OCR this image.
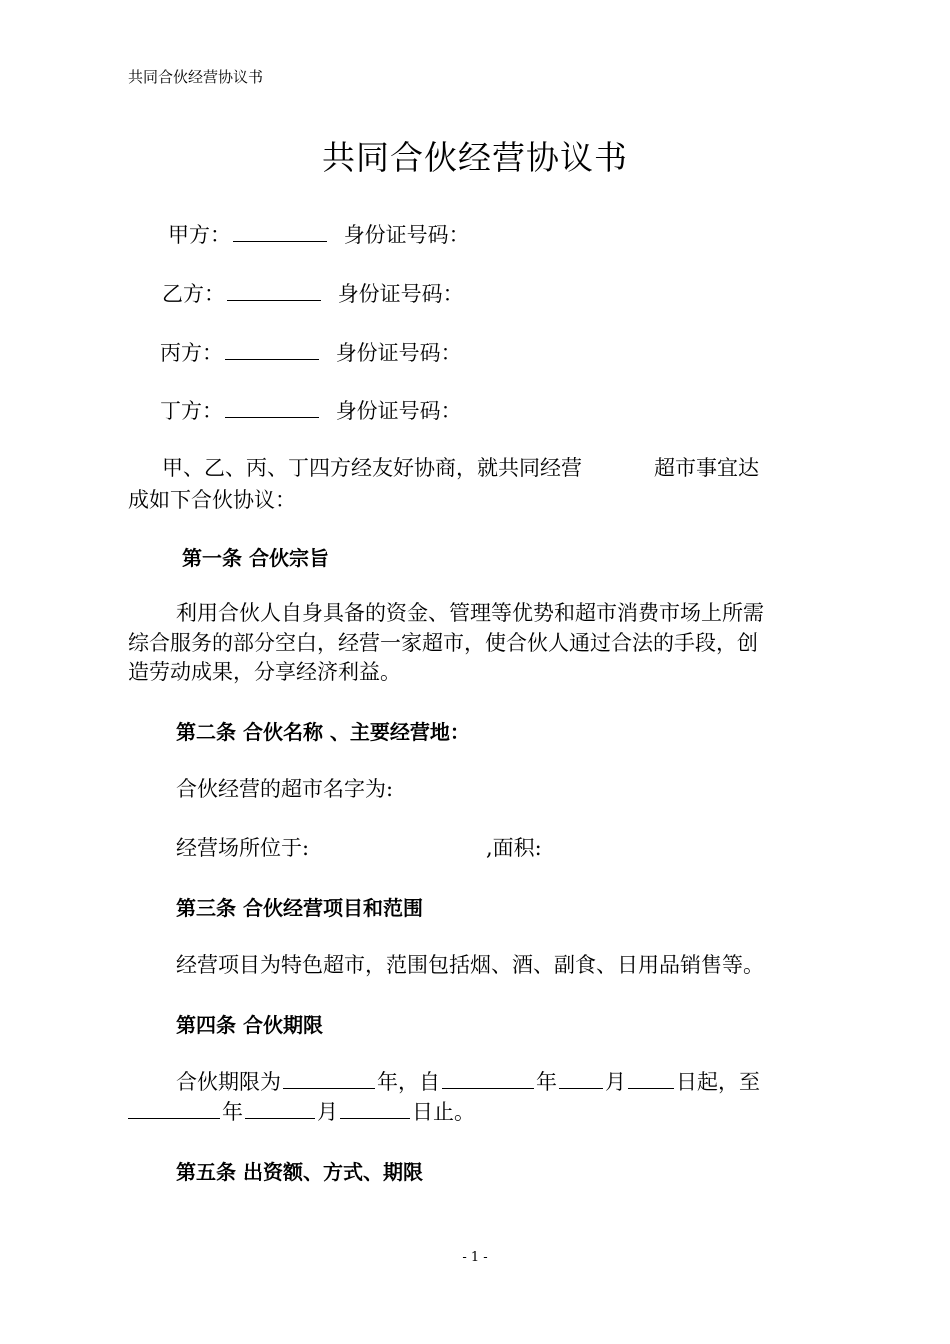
共同合伙经营协议书
共同合伙经营协议书
甲方：	身份证号码：
乙方：	身份证号码：
丙方：	身份证号码：
丁方：	身份证号码：
甲、乙、丙、丁四方经友好协商，就共同经营	超市事宜达
成如下合伙协议：
第一条 合伙宗旨
利用合伙人自身具备的资金、管理等优势和超市消费市场上所需
综合服务的部分空白，经营一家超市，使合伙人通过合法的手段，创
造劳动成果，分享经济利益。
第二条 合伙名称 、主要经营地：
合伙经营的超市名字为:
经营场所位于:	,面积:
第三条 合伙经营项目和范围
经营项目为特色超市，范围包括烟、酒、副食、日用品销售等。
第四条 合伙期限
合伙期限为	年，自	年 月 日起，至
年	月	日止。
第五条 出资额、方式、期限
- 1 -
